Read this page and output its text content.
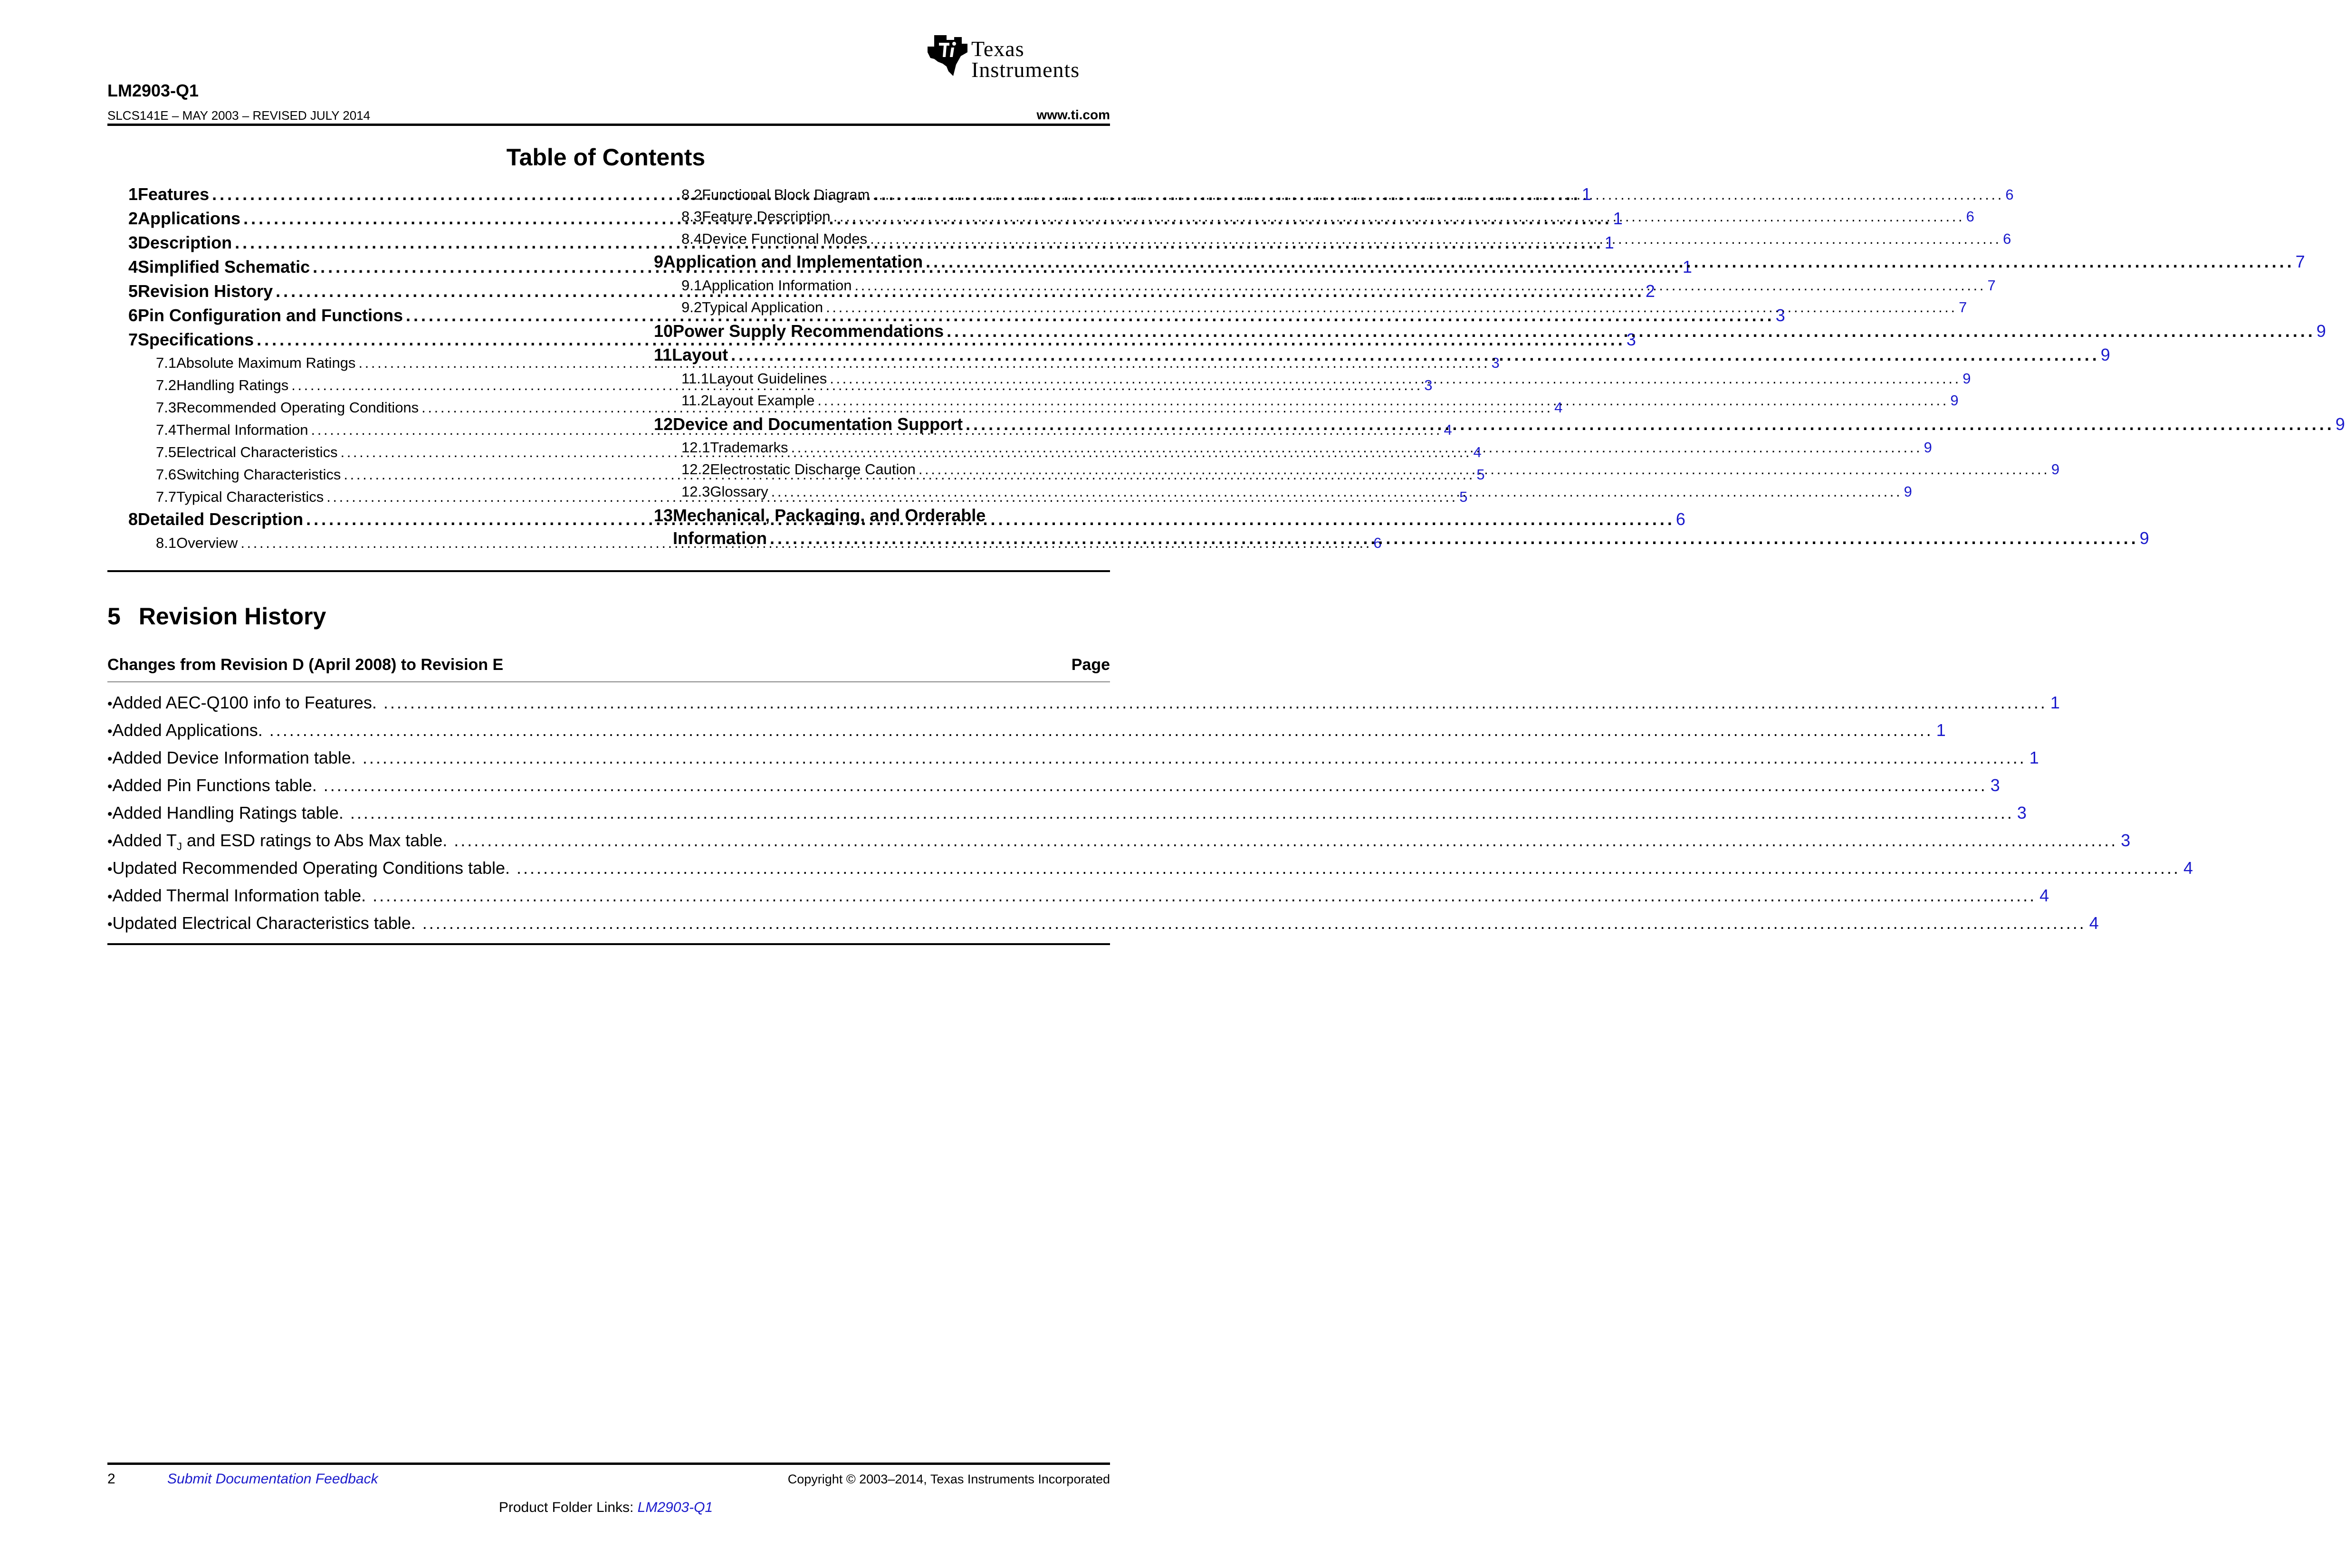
Texas
Instruments
LM2903-Q1
SLCS141E – MAY 2003 – REVISED JULY 2014	www.ti.com
Table of Contents
1 Features . . .	1
2 Applications . . .	1
3 Description . . .	1
4 Simplified Schematic . . .	1
5 Revision History . . .	2
6 Pin Configuration and Functions . . .	3
7 Specifications . . .	3
7.1 Absolute Maximum Ratings . . .	3
7.2 Handling Ratings . . .	3
7.3 Recommended Operating Conditions . . .	4
7.4 Thermal Information . . .	4
7.5 Electrical Characteristics . . .	4
7.6 Switching Characteristics . . .	5
7.7 Typical Characteristics . . .	5
8 Detailed Description . . .	6
8.1 Overview . . .	6
8.2 Functional Block Diagram . . .	6
8.3 Feature Description . . .	6
8.4 Device Functional Modes . . .	6
9 Application and Implementation . . .	7
9.1 Application Information . . .	7
9.2 Typical Application . . .	7
10 Power Supply Recommendations . . .	9
11 Layout . . .	9
11.1 Layout Guidelines . . .	9
11.2 Layout Example . . .	9
12 Device and Documentation Support . . .	9
12.1 Trademarks . . .	9
12.2 Electrostatic Discharge Caution . . .	9
12.3 Glossary . . .	9
13 Mechanical, Packaging, and Orderable
Information . . .	9
5 Revision History
Changes from Revision D (April 2008) to Revision E	Page
• Added AEC-Q100 info to Features. . . .	1
• Added Applications. . . .	1
• Added Device Information table. . . .	1
• Added Pin Functions table. . . .	3
• Added Handling Ratings table. . . .	3
• Added $T_J$ and ESD ratings to Abs Max table. . . .	3
• Updated Recommended Operating Conditions table. . . .	4
• Added Thermal Information table. . . .	4
• Updated Electrical Characteristics table. . . .	4
2	Submit Documentation Feedback	Copyright © 2003–2014, Texas Instruments Incorporated
Product Folder Links: LM2903-Q1
